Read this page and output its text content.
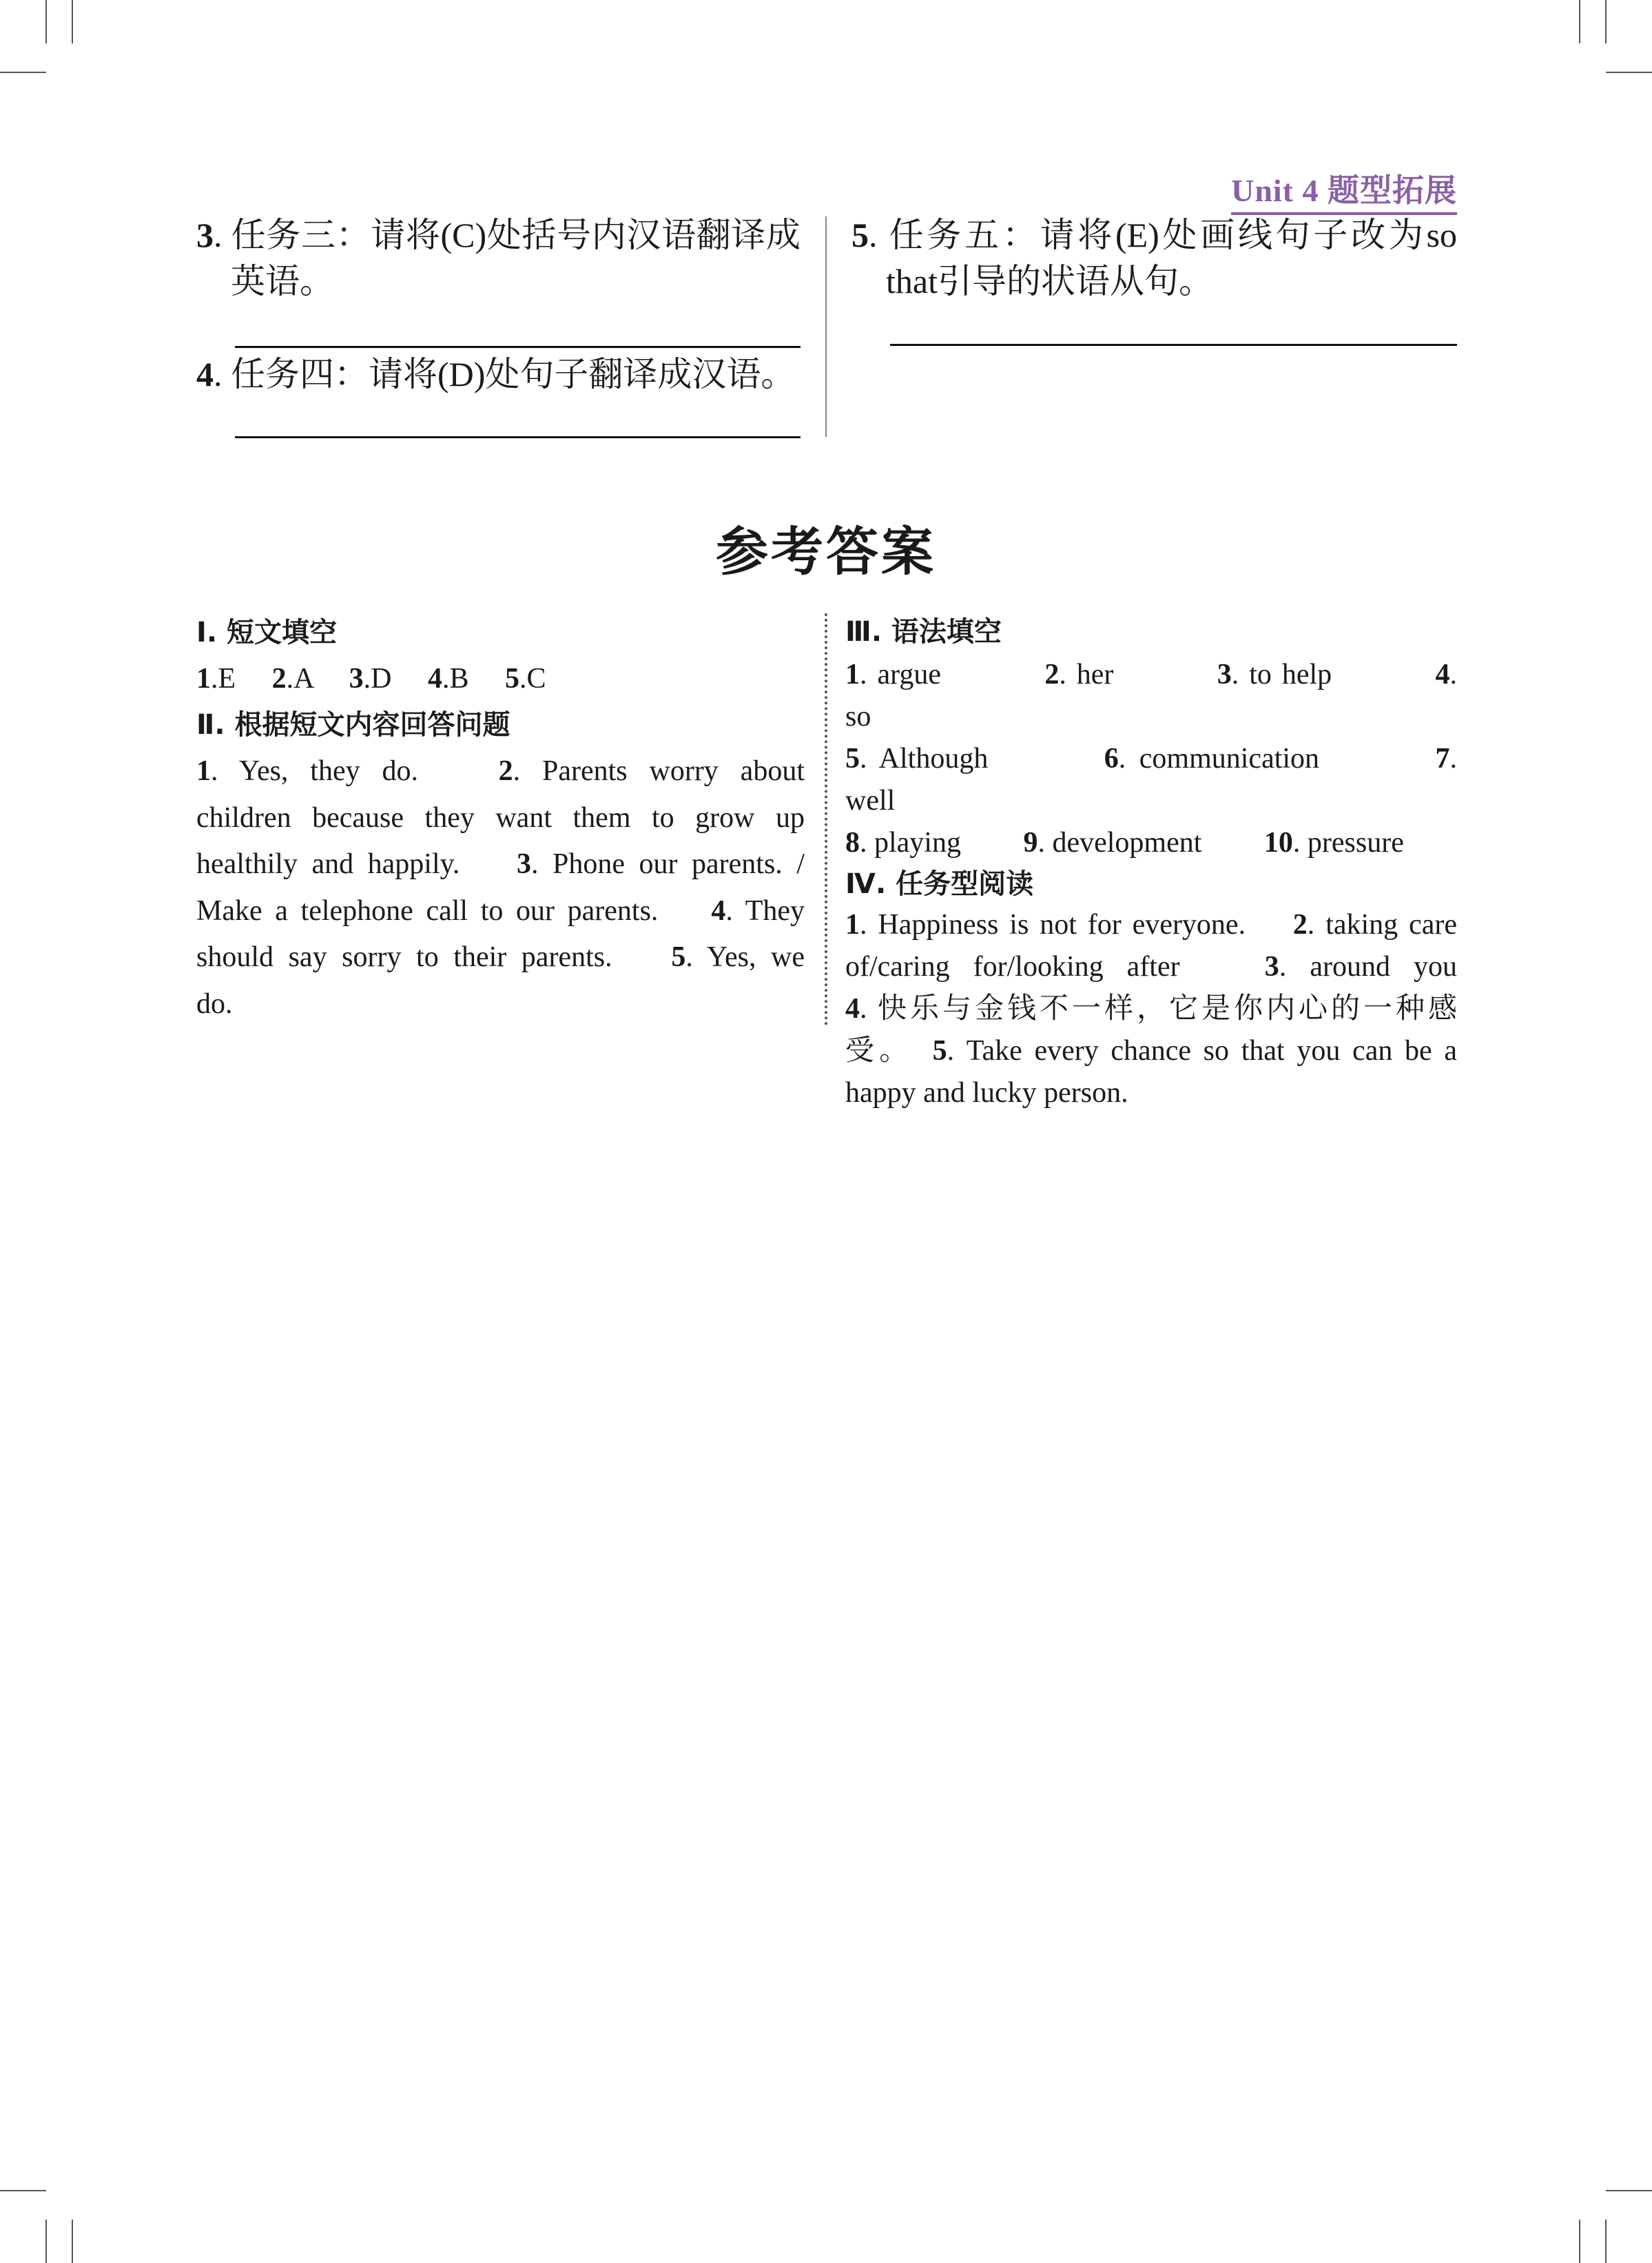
Unit 4 题型拓展
3. 任务三：请将(C)处括号内汉语翻译成
　英语。
4. 任务四：请将(D)处句子翻译成汉语。
5. 任务五：请将(E)处画线句子改为so
　that引导的状语从句。
参考答案
Ⅰ. 短文填空
1.E　 2.A　 3.D　 4.B　 5.C
Ⅱ. 根据短文内容回答问题
1. Yes, they do.　 2. Parents worry about
children because they want them to grow up
healthily and happily.　 3. Phone our parents. /
Make a telephone call to our parents.　 4. They
should say sorry to their parents.　 5. Yes, we
do.
Ⅲ. 语法填空
1. argue　　 2. her　　 3. to help　　 4. so
5. Although　　 6. communication　　 7. well
8. playing　 9. development　 10. pressure
Ⅳ. 任务型阅读
1. Happiness is not for everyone.　 2. taking care
of/caring for/looking after　 3. around you
4. 快乐与金钱不一样，它是你内心的一种感
受。　5. Take every chance so that you can be a
happy and lucky person.
